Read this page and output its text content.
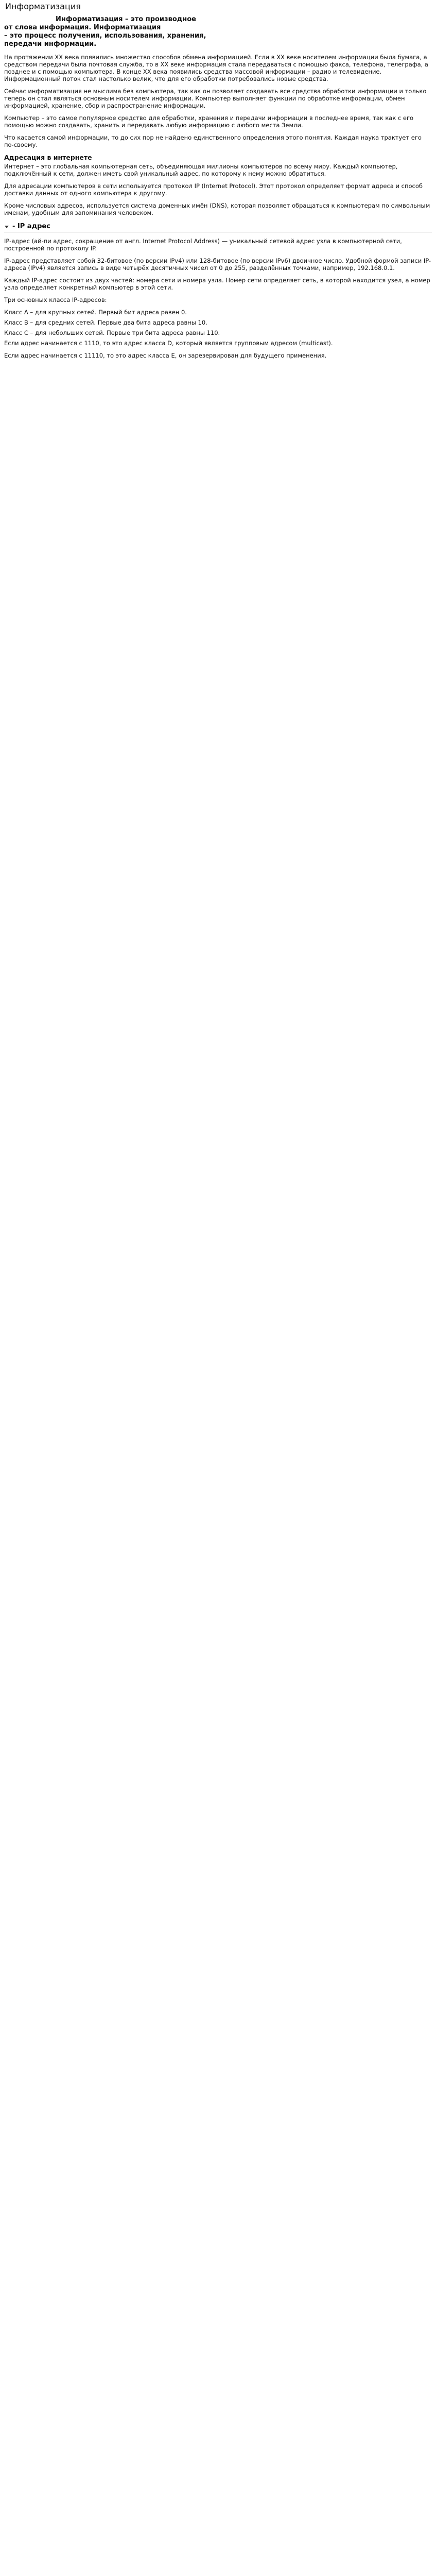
Информатизация
Информатизация – это производное
от слова информация. Информатизация
– это процесс получения, использования, хранения,
передачи информации.

На протяжении XX века появились множество способов обмена информацией. Если в XX веке носителем информации была бумага, а средством передачи была почтовая служба, то в XX веке информация стала передаваться с помощью факса, телефона, телеграфа, а позднее и с помощью компьютера. В конце XX века появились средства массовой информации – радио и телевидение. Информационный поток стал настолько велик, что для его обработки потребовались новые средства.

Сейчас информатизация не мыслима без компьютера, так как он позволяет создавать все средства обработки информации и только теперь он стал являться основным носителем информации. Компьютер выполняет функции по обработке информации, обмен информацией, хранение, сбор и распространение информации.

Компьютер – это самое популярное средство для обработки, хранения и передачи информации в последнее время, так как с его помощью можно создавать, хранить и передавать любую информацию с любого места Земли.

Что касается самой информации, то до сих пор не найдено единственного определения этого понятия. Каждая наука трактует его по-своему.

Адресация в интернете

Интернет – это глобальная компьютерная сеть, объединяющая миллионы компьютеров по всему миру. Каждый компьютер, подключённый к сети, должен иметь свой уникальный адрес, по которому к нему можно обратиться.

Для адресации компьютеров в сети используется протокол IP (Internet Protocol). Этот протокол определяет формат адреса и способ доставки данных от одного компьютера к другому.

Кроме числовых адресов, используется система доменных имён (DNS), которая позволяет обращаться к компьютерам по символьным именам, удобным для запоминания человеком.

- IP адрес

IP-адрес (ай-пи адрес, сокращение от англ. Internet Protocol Address) — уникальный сетевой адрес узла в компьютерной сети, построенной по протоколу IP.

IP-адрес представляет собой 32-битовое (по версии IPv4) или 128-битовое (по версии IPv6) двоичное число. Удобной формой записи IP-адреса (IPv4) является запись в виде четырёх десятичных чисел от 0 до 255, разделённых точками, например, 192.168.0.1.

Каждый IP-адрес состоит из двух частей: номера сети и номера узла. Номер сети определяет сеть, в которой находится узел, а номер узла определяет конкретный компьютер в этой сети.

Три основных класса IP-адресов:

Класс A – для крупных сетей. Первый бит адреса равен 0.
Класс B – для средних сетей. Первые два бита адреса равны 10.
Класс C – для небольших сетей. Первые три бита адреса равны 110.

Если адрес начинается с 1110, то это адрес класса D, который является групповым адресом (multicast).

Если адрес начинается с 11110, то это адрес класса E, он зарезервирован для будущего применения.
